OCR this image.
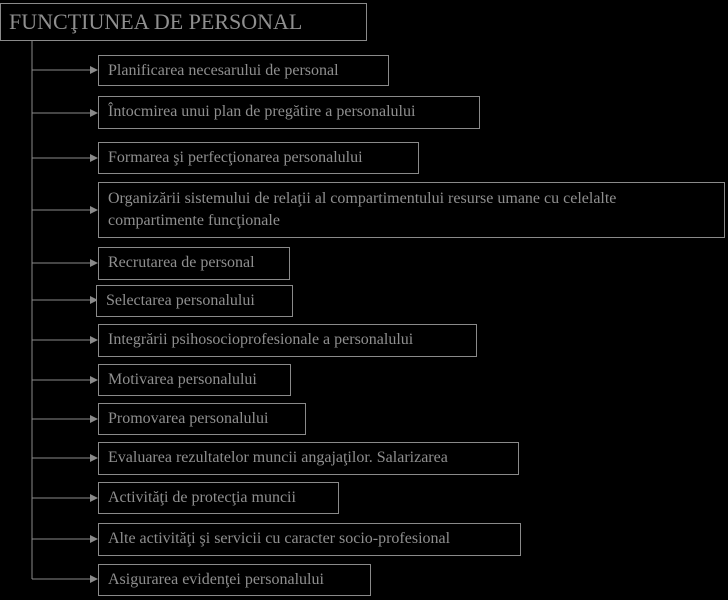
FUNCŢIUNEA DE PERSONAL
Planificarea necesarului de personal
Întocmirea unui plan de pregătire a personalului
Formarea şi perfecţionarea personalului
Organizării sistemului de relaţii al compartimentului resurse umane cu celelalte compartimente funcţionale
Recrutarea de personal
Selectarea personalului
Integrării psihosocioprofesionale a personalului
Motivarea personalului
Promovarea personalului
Evaluarea rezultatelor muncii angajaţilor. Salarizarea
Activităţi de protecţia muncii
Alte activităţi şi servicii cu caracter socio-profesional
Asigurarea evidenţei personalului
